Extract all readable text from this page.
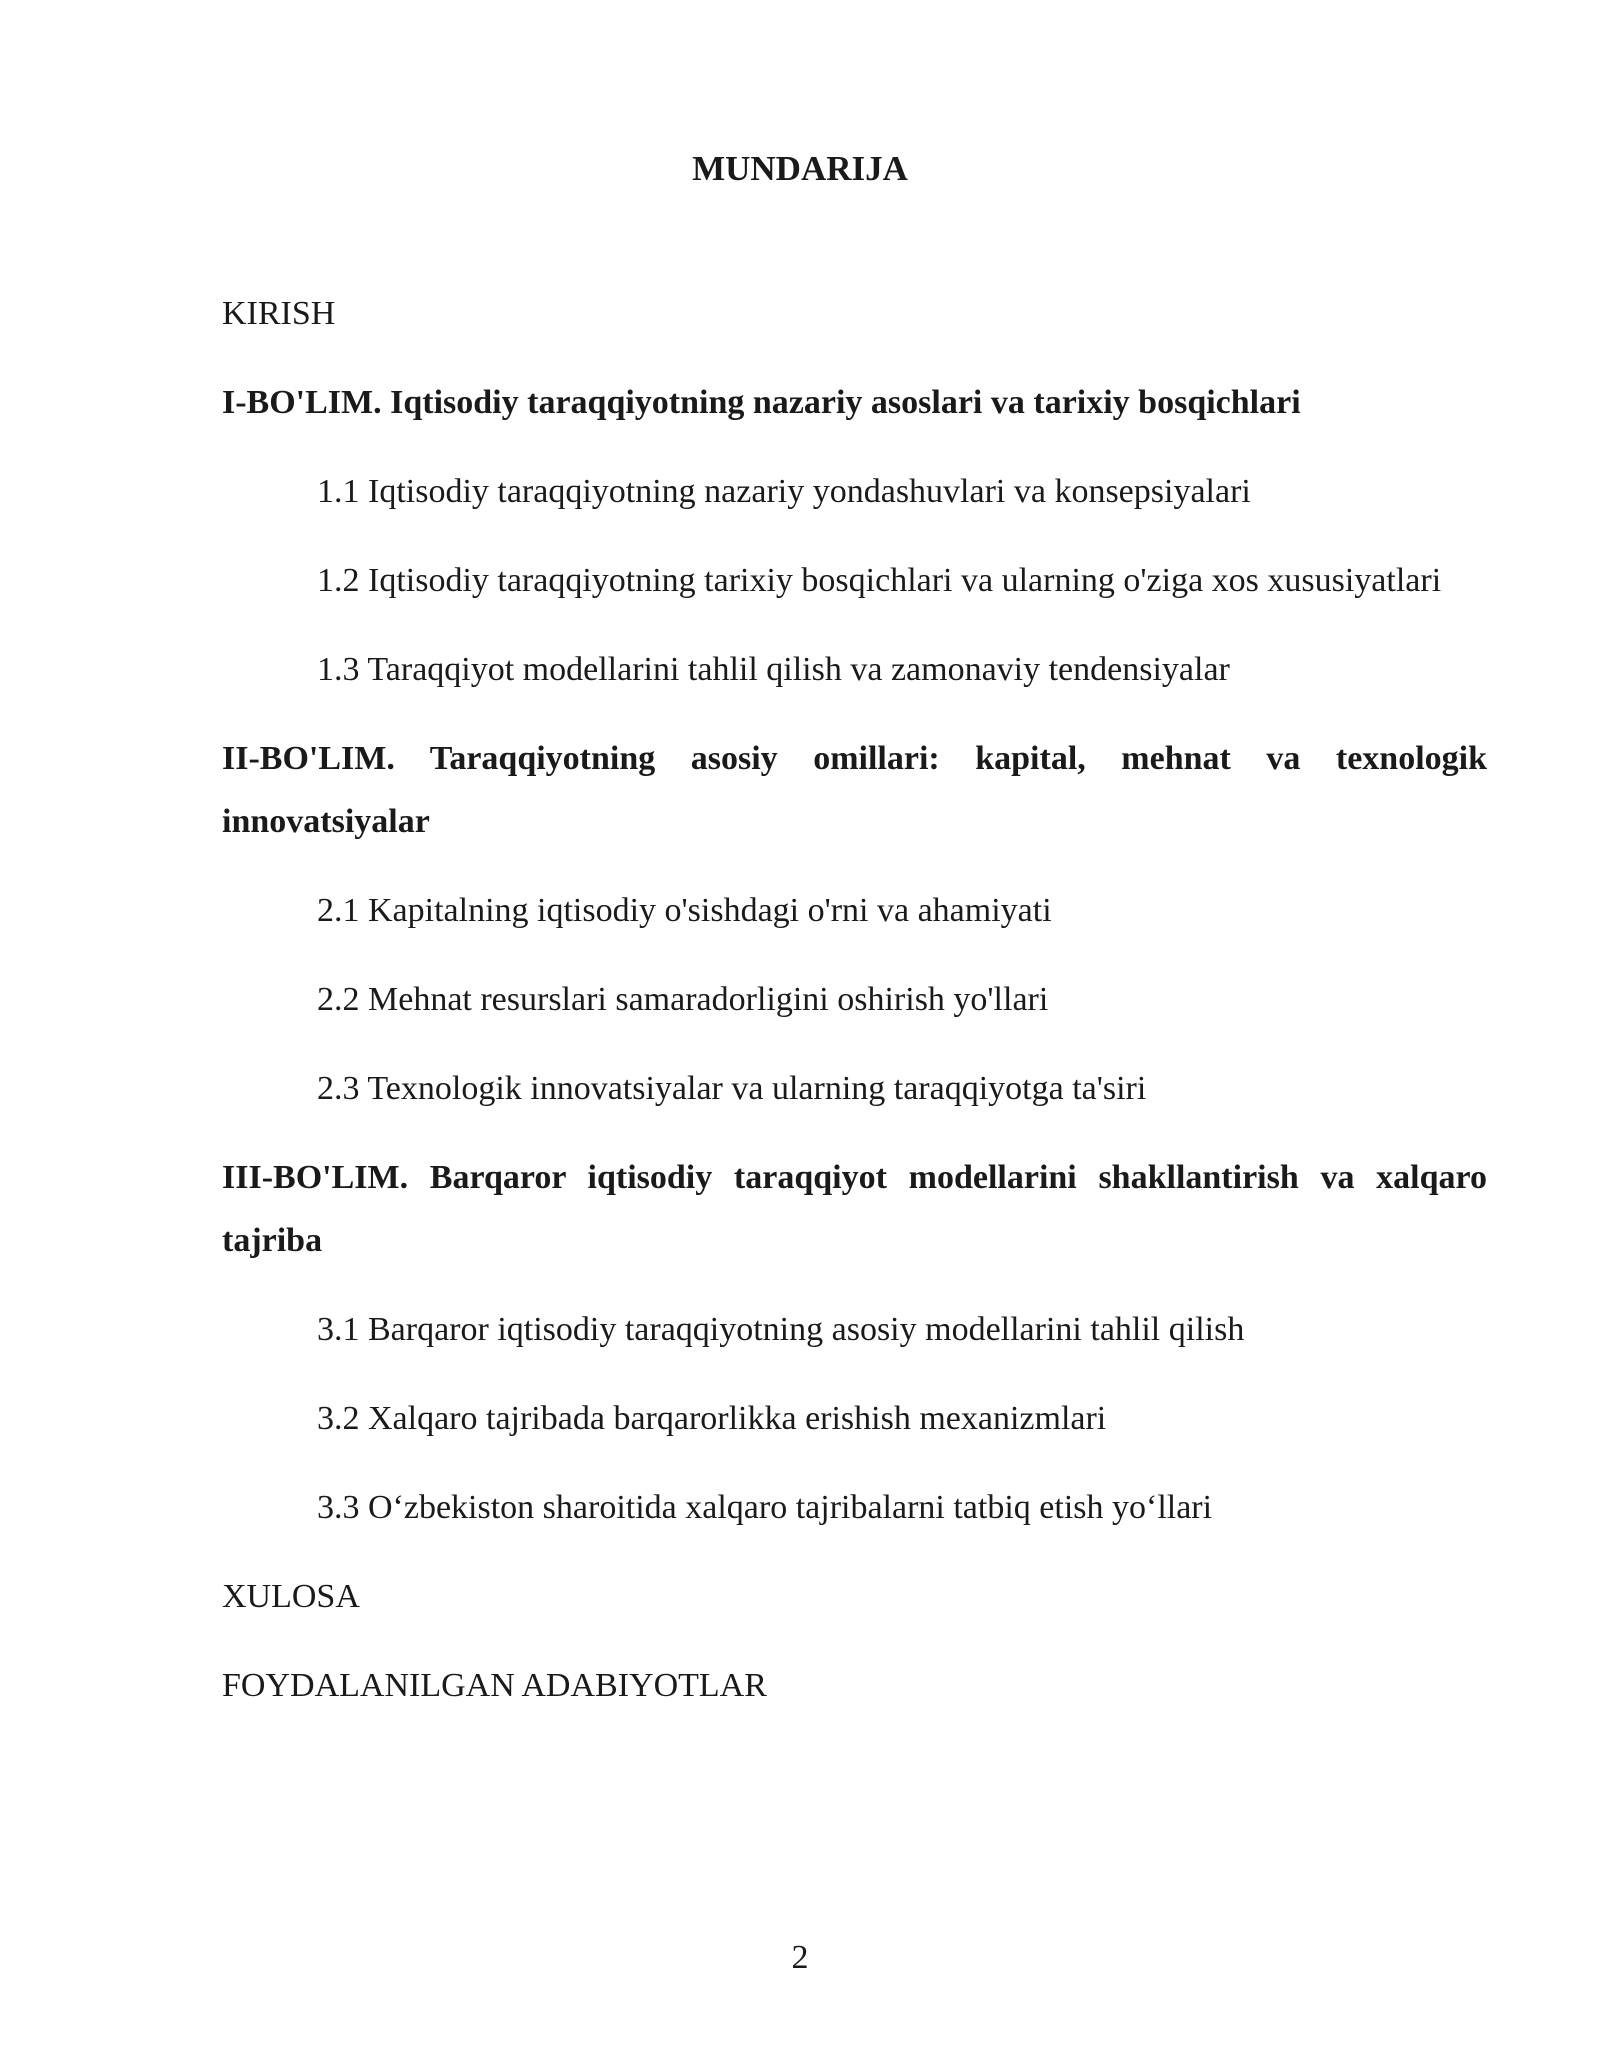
MUNDARIJA

KIRISH

I-BO'LIM. Iqtisodiy taraqqiyotning nazariy asoslari va tarixiy bosqichlari

1.1 Iqtisodiy taraqqiyotning nazariy yondashuvlari va konsepsiyalari

1.2 Iqtisodiy taraqqiyotning tarixiy bosqichlari va ularning o'ziga xos xususiyatlari

1.3 Taraqqiyot modellarini tahlil qilish va zamonaviy tendensiyalar

II-BO'LIM. Taraqqiyotning asosiy omillari: kapital, mehnat va texnologik innovatsiyalar

2.1 Kapitalning iqtisodiy o'sishdagi o'rni va ahamiyati

2.2 Mehnat resurslari samaradorligini oshirish yo'llari

2.3 Texnologik innovatsiyalar va ularning taraqqiyotga ta'siri

III-BO'LIM. Barqaror iqtisodiy taraqqiyot modellarini shakllantirish va xalqaro tajriba

3.1 Barqaror iqtisodiy taraqqiyotning asosiy modellarini tahlil qilish

3.2 Xalqaro tajribada barqarorlikka erishish mexanizmlari

3.3 O‘zbekiston sharoitida xalqaro tajribalarni tatbiq etish yo‘llari

XULOSA

FOYDALANILGAN ADABIYOTLAR

2
